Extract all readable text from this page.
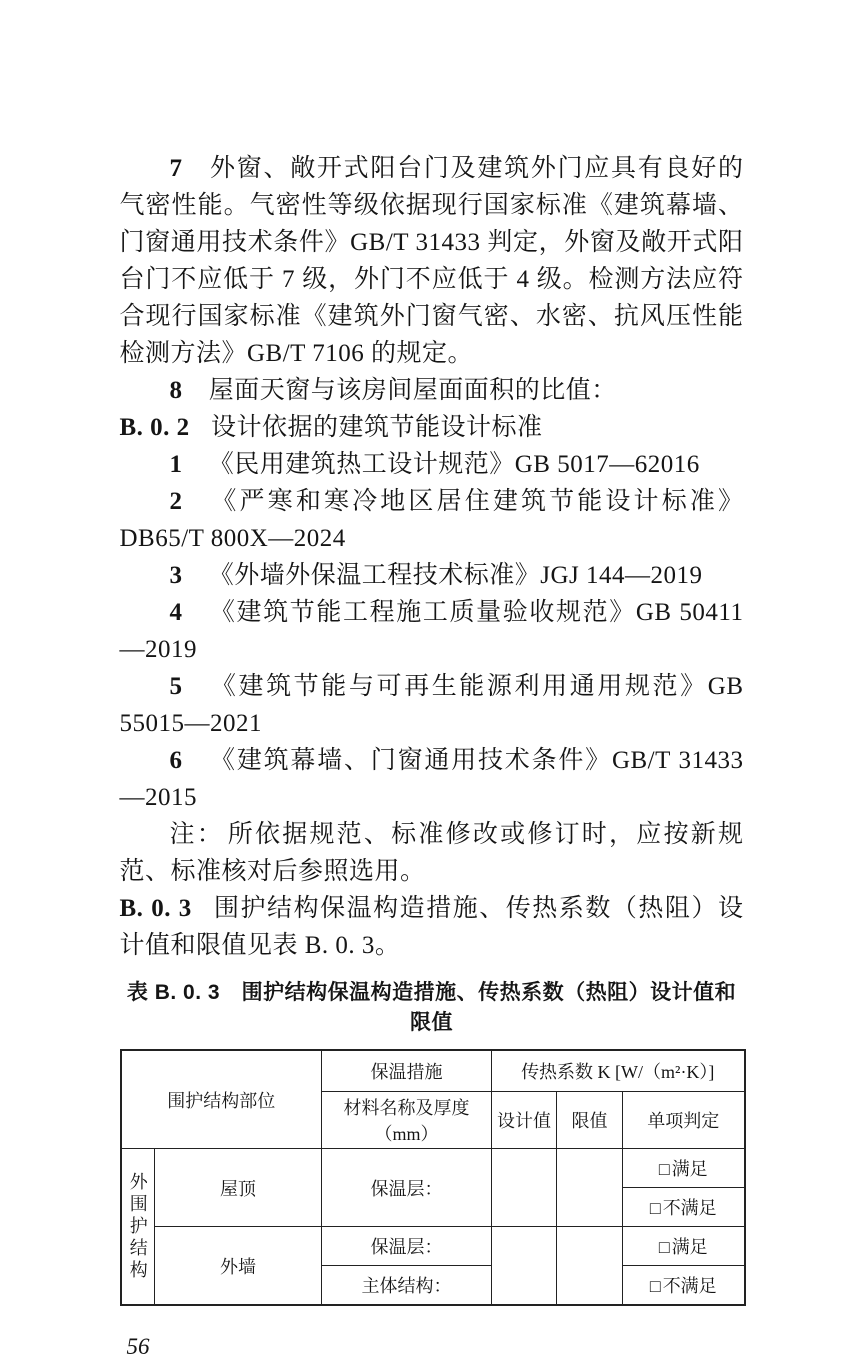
7 外窗、敞开式阳台门及建筑外门应具有良好的气密性能。气密性等级依据现行国家标准《建筑幕墙、门窗通用技术条件》GB/T 31433 判定，外窗及敞开式阳台门不应低于 7 级，外门不应低于 4 级。检测方法应符合现行国家标准《建筑外门窗气密、水密、抗风压性能检测方法》GB/T 7106 的规定。

8 屋面天窗与该房间屋面面积的比值：

B. 0. 2 设计依据的建筑节能设计标准

1 《民用建筑热工设计规范》GB 5017—62016

2 《严寒和寒冷地区居住建筑节能设计标准》DB65/T 800X—2024

3 《外墙外保温工程技术标准》JGJ 144—2019

4 《建筑节能工程施工质量验收规范》GB 50411—2019

5 《建筑节能与可再生能源利用通用规范》GB 55015—2021

6 《建筑幕墙、门窗通用技术条件》GB/T 31433—2015

注： 所依据规范、标准修改或修订时，应按新规范、标准核对后参照选用。

B. 0. 3 围护结构保温构造措施、传热系数（热阻）设计值和限值见表 B. 0. 3。

表 B. 0. 3　围护结构保温构造措施、传热系数（热阻）设计值和限值
围护结构部位		保温措施	传热系数 K [W/（m²·K）]		
		材料名称及厚度（mm）	设计值	限值	单项判定
外围护结构	屋顶	保温层：			□ 满足
					□ 不满足
	外墙	保温层：			□ 满足
		主体结构：			□ 不满足
56
